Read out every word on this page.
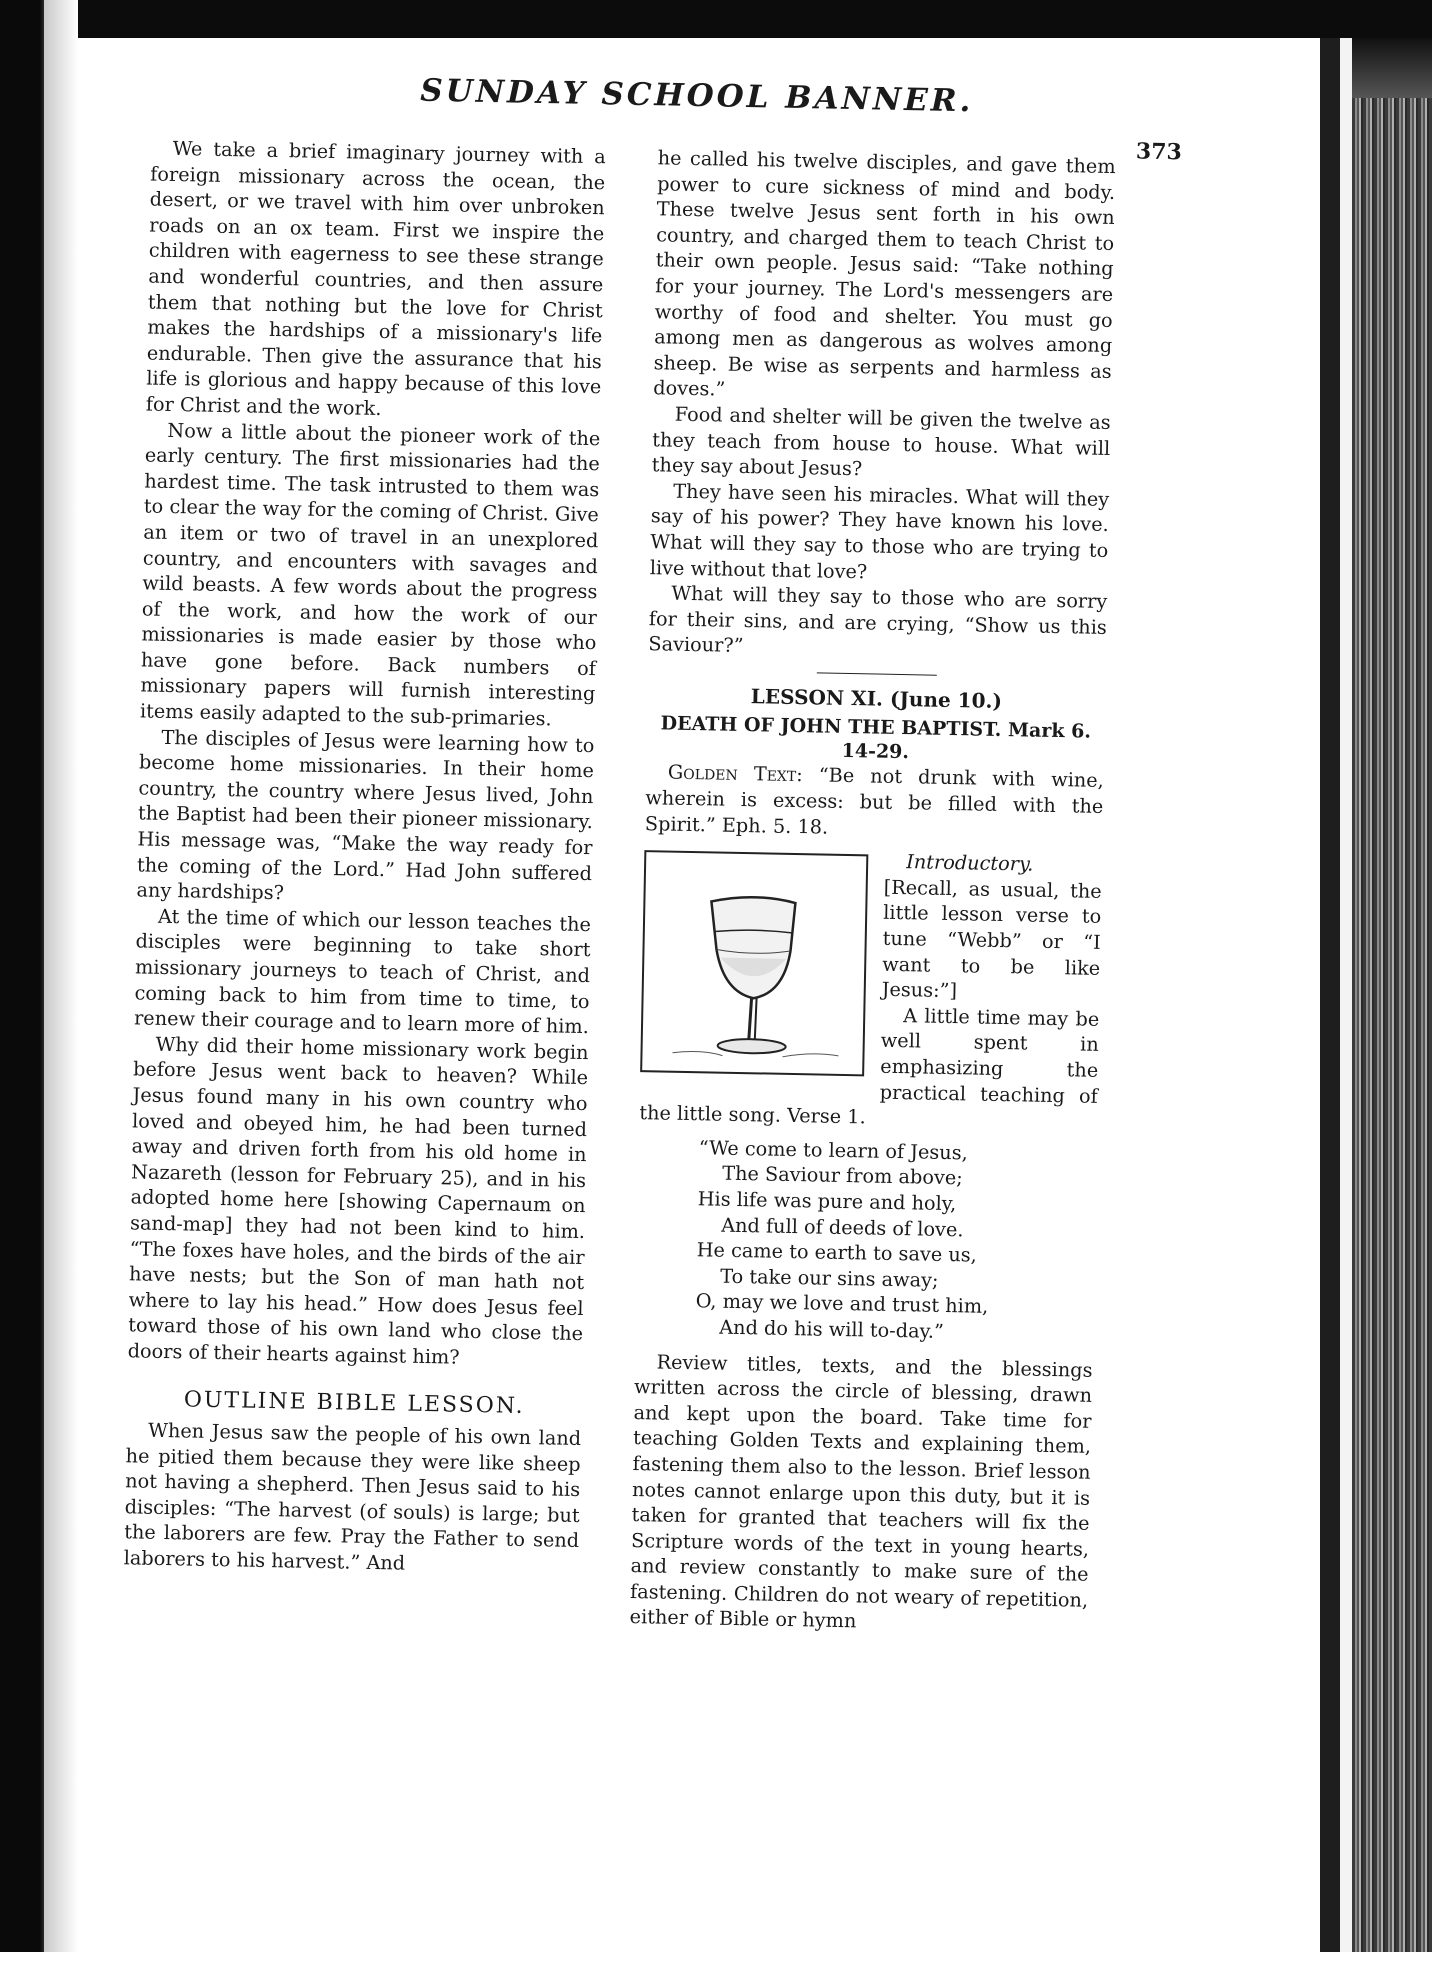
SUNDAY SCHOOL BANNER.
373

We take a brief imaginary journey with a foreign missionary across the ocean, the desert, or we travel with him over unbroken roads on an ox team. First we inspire the children with eagerness to see these strange and wonderful countries, and then assure them that nothing but the love for Christ makes the hardships of a missionary's life endurable. Then give the assurance that his life is glorious and happy because of this love for Christ and the work.

Now a little about the pioneer work of the early century. The first missionaries had the hardest time. The task intrusted to them was to clear the way for the coming of Christ. Give an item or two of travel in an unexplored country, and encounters with savages and wild beasts. A few words about the progress of the work, and how the work of our missionaries is made easier by those who have gone before. Back numbers of missionary papers will furnish interesting items easily adapted to the sub-primaries.

The disciples of Jesus were learning how to become home missionaries. In their home country, the country where Jesus lived, John the Baptist had been their pioneer missionary. His message was, “Make the way ready for the coming of the Lord.” Had John suffered any hardships?

At the time of which our lesson teaches the disciples were beginning to take short missionary journeys to teach of Christ, and coming back to him from time to time, to renew their courage and to learn more of him.

Why did their home missionary work begin before Jesus went back to heaven? While Jesus found many in his own country who loved and obeyed him, he had been turned away and driven forth from his old home in Nazareth (lesson for February 25), and in his adopted home here [showing Capernaum on sand-map] they had not been kind to him. “The foxes have holes, and the birds of the air have nests; but the Son of man hath not where to lay his head.” How does Jesus feel toward those of his own land who close the doors of their hearts against him?

OUTLINE BIBLE LESSON.

When Jesus saw the people of his own land he pitied them because they were like sheep not having a shepherd. Then Jesus said to his disciples: “The harvest (of souls) is large; but the laborers are few. Pray the Father to send laborers to his harvest.” And

he called his twelve disciples, and gave them power to cure sickness of mind and body. These twelve Jesus sent forth in his own country, and charged them to teach Christ to their own people. Jesus said: “Take nothing for your journey. The Lord's messengers are worthy of food and shelter. You must go among men as dangerous as wolves among sheep. Be wise as serpents and harmless as doves.”

Food and shelter will be given the twelve as they teach from house to house. What will they say about Jesus?

They have seen his miracles. What will they say of his power? They have known his love. What will they say to those who are trying to live without that love?

What will they say to those who are sorry for their sins, and are crying, “Show us this Saviour?”

LESSON XI. (June 10.)
DEATH OF JOHN THE BAPTIST. Mark 6. 14-29.

Golden Text: “Be not drunk with wine, wherein is excess: but be filled with the Spirit.” Eph. 5. 18.

Introductory. [Recall, as usual, the little lesson verse to tune “Webb” or “I want to be like Jesus:”]

A little time may be well spent in emphasizing the practical teaching of the little song. Verse 1.

“We come to learn of Jesus,
The Saviour from above;
His life was pure and holy,
And full of deeds of love.
He came to earth to save us,
To take our sins away;
O, may we love and trust him,
And do his will to-day.”

Review titles, texts, and the blessings written across the circle of blessing, drawn and kept upon the board. Take time for teaching Golden Texts and explaining them, fastening them also to the lesson. Brief lesson notes cannot enlarge upon this duty, but it is taken for granted that teachers will fix the Scripture words of the text in young hearts, and review constantly to make sure of the fastening. Children do not weary of repetition, either of Bible or hymn
